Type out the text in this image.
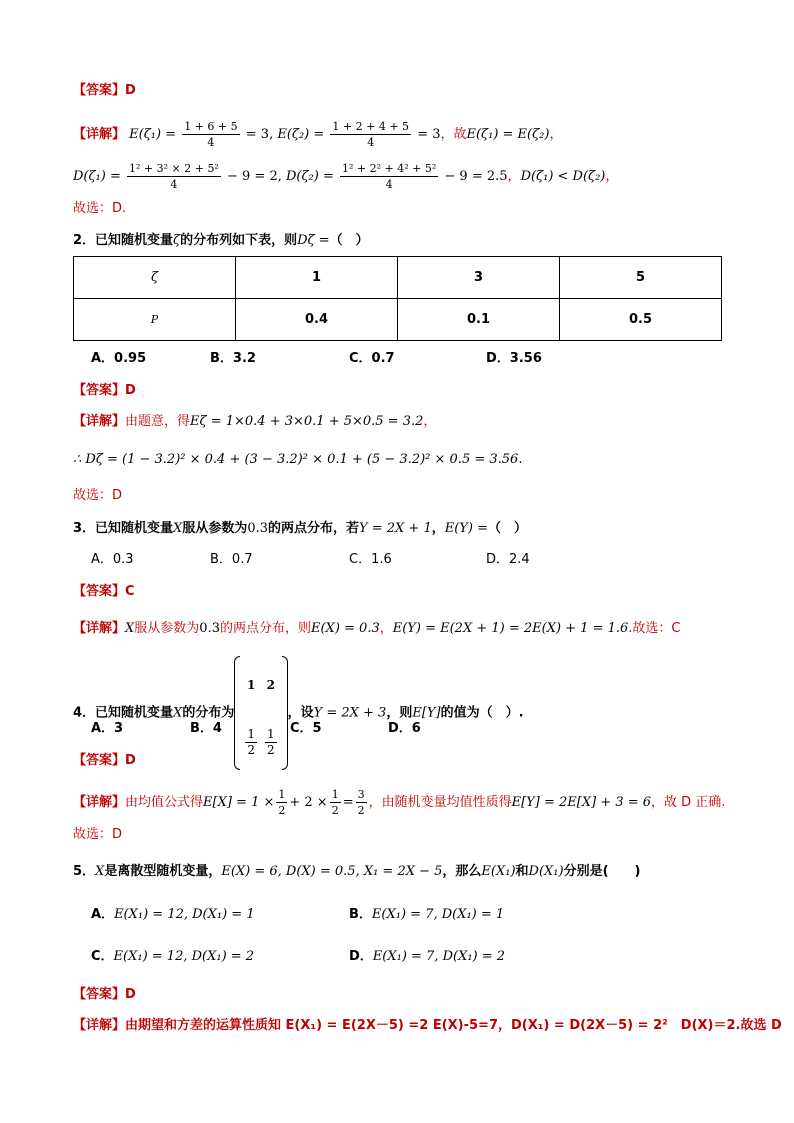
【答案】D
【详解】 $E(\zeta_1) = \frac{1 + 6 + 5}{4} = 3$, $E(\zeta_2) = \frac{1 + 2 + 4 + 5}{4} = 3$，故E(ζ₁) = E(ζ₂)，
$D(\zeta_1) = \frac{\text{1² + 3² × 2 + 5²}}{4} - 9 = 2$, $D(\zeta_2) = \frac{\text{1² + 2² + 4² + 5²}}{4} - 9 = 2.5$，D(ζ₁) < D(ζ₂)，
故选：D.
2．已知随机变量ζ的分布列如下表，则Dζ =（　）
ζ	1	3	5
P	0.4	0.1	0.5
A．0.95	B．3.2	C．0.7	D．3.56
【答案】D
【详解】由题意，得Eζ = 1×0.4 + 3×0.1 + 5×0.5 = 3.2，
∴ Dζ = (1 − 3.2)² × 0.4 + (3 − 3.2)² × 0.1 + (5 − 3.2)² × 0.5 = 3.56.
故选：D
3．已知随机变量X服从参数为0.3的两点分布，若Y = 2X + 1，E(Y) =（　）
A．0.3	B．0.7	C．1.6	D．2.4
【答案】C
【详解】X服从参数为0.3的两点分布，则E(X) = 0.3，E(Y) = E(2X + 1) = 2E(X) + 1 = 1.6.故选：C
4．已知随机变量X的分布为
1	2

$\frac{1}{2}$	$\frac{1}{2}$
，设Y = 2X + 3，则E[Y]的值为（　）.
A．3	B．4	C．5	D．6
【答案】D
【详解】由均值公式得$E[X] = 1 \times \frac{1}{2} + 2 \times \frac{1}{2} = \frac{3}{2}$ ，由随机变量均值性质得E[Y] = 2E[X] + 3 = 6，故 D 正确.
故选：D
5．X是离散型随机变量，E(X) = 6, D(X) = 0.5, X₁ = 2X − 5，那么E(X₁)和D(X₁)分别是(　　)
A．E(X₁) = 12, D(X₁) = 1	B．E(X₁) = 7, D(X₁) = 1
C．E(X₁) = 12, D(X₁) = 2	D．E(X₁) = 7, D(X₁) = 2
【答案】D
【详解】由期望和方差的运算性质知 E(X₁) = E(2X－5) =2 E(X)-5=7，D(X₁) = D(2X－5) = 2²　D(X)＝2.故选 D
